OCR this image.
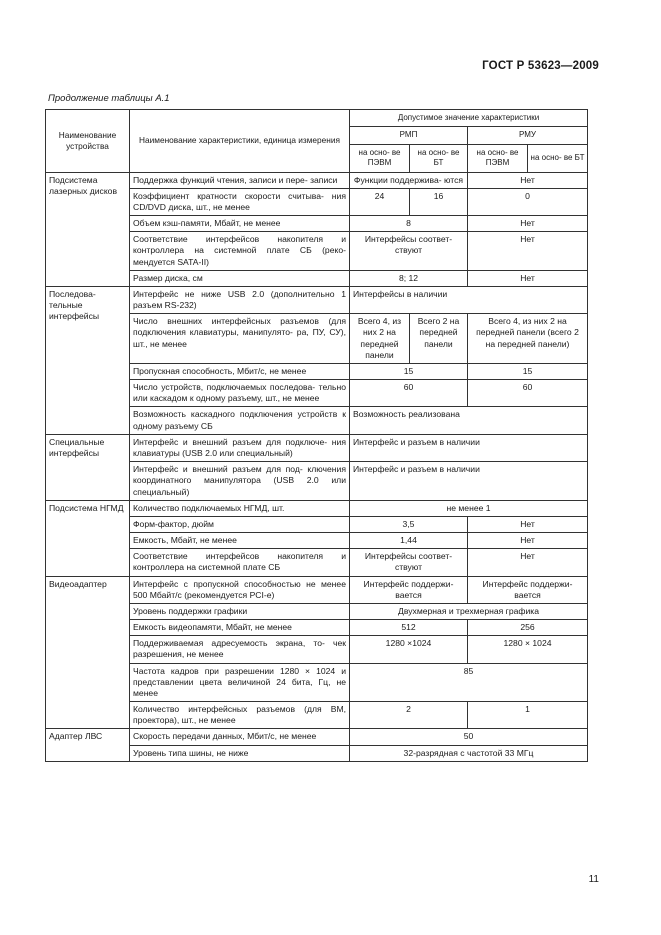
ГОСТ Р 53623—2009
Продолжение таблицы А.1
Наименование устройства	Наименование характеристики, единица измерения	Допустимое значение характеристики			
		РМП		РМУ	
		на осно- ве ПЭВМ	на осно- ве БТ	на осно- ве ПЭВМ	на осно- ве БТ
Подсистема лазерных дисков	Поддержка функций чтения, записи и пере- записи	Функции поддержива- ются		Нет	
	Коэффициент кратности скорости считыва- ния CD/DVD диска, шт., не менее	24	16	0	
	Объем кэш-памяти, Мбайт, не менее	8		Нет	
	Соответствие интерфейсов накопителя и контроллера на системной плате СБ (реко- мендуется SATA-II)	Интерфейсы соответ- ствуют		Нет	
	Размер диска, см	8; 12		Нет	
Последова- тельные интерфейсы	Интерфейс не ниже USB 2.0 (дополнительно 1 разъем RS-232)	Интерфейсы в наличии			
	Число внешних интерфейсных разъемов (для подключения клавиатуры, манипулято- ра, ПУ, СУ), шт., не менее	Всего 4, из них 2 на передней панели	Всего 2 на передней панели	Всего 4, из них 2 на передней панели (всего 2 на передней панели)	
	Пропускная способность, Мбит/с, не менее	15		15	
	Число устройств, подключаемых последова- тельно или каскадом к одному разъему, шт., не менее	60		60	
	Возможность каскадного подключения устройств к одному разъему СБ	Возможность реализована			
Специальные интерфейсы	Интерфейс и внешний разъем для подключе- ния клавиатуры (USB 2.0 или специальный)	Интерфейс и разъем в наличии			
	Интерфейс и внешний разъем для под- ключения координатного манипулятора (USB 2.0 или специальный)	Интерфейс и разъем в наличии			
Подсистема НГМД	Количество подключаемых НГМД, шт.	не менее 1			
	Форм-фактор, дюйм	3,5		Нет	
	Емкость, Мбайт, не менее	1,44		Нет	
	Соответствие интерфейсов накопителя и контроллера на системной плате СБ	Интерфейсы соответ- ствуют		Нет	
Видеоадаптер	Интерфейс с пропускной способностью не менее 500 Мбайт/с (рекомендуется PCI-e)	Интерфейс поддержи- вается		Интерфейс поддержи- вается	
	Уровень поддержки графики	Двухмерная и трехмерная графика			
	Емкость видеопамяти, Мбайт, не менее	512		256	
	Поддерживаемая адресуемость экрана, то- чек разрешения, не менее	1280 ×1024		1280 × 1024	
	Частота кадров при разрешении 1280 × 1024 и представлении цвета величиной 24 бита, Гц, не менее	85			
	Количество интерфейсных разъемов (для ВМ, проектора), шт., не менее	2		1	
Адаптер ЛВС	Скорость передачи данных, Мбит/с, не менее	50			
	Уровень типа шины, не ниже	32-разрядная с частотой 33 МГц			
11
